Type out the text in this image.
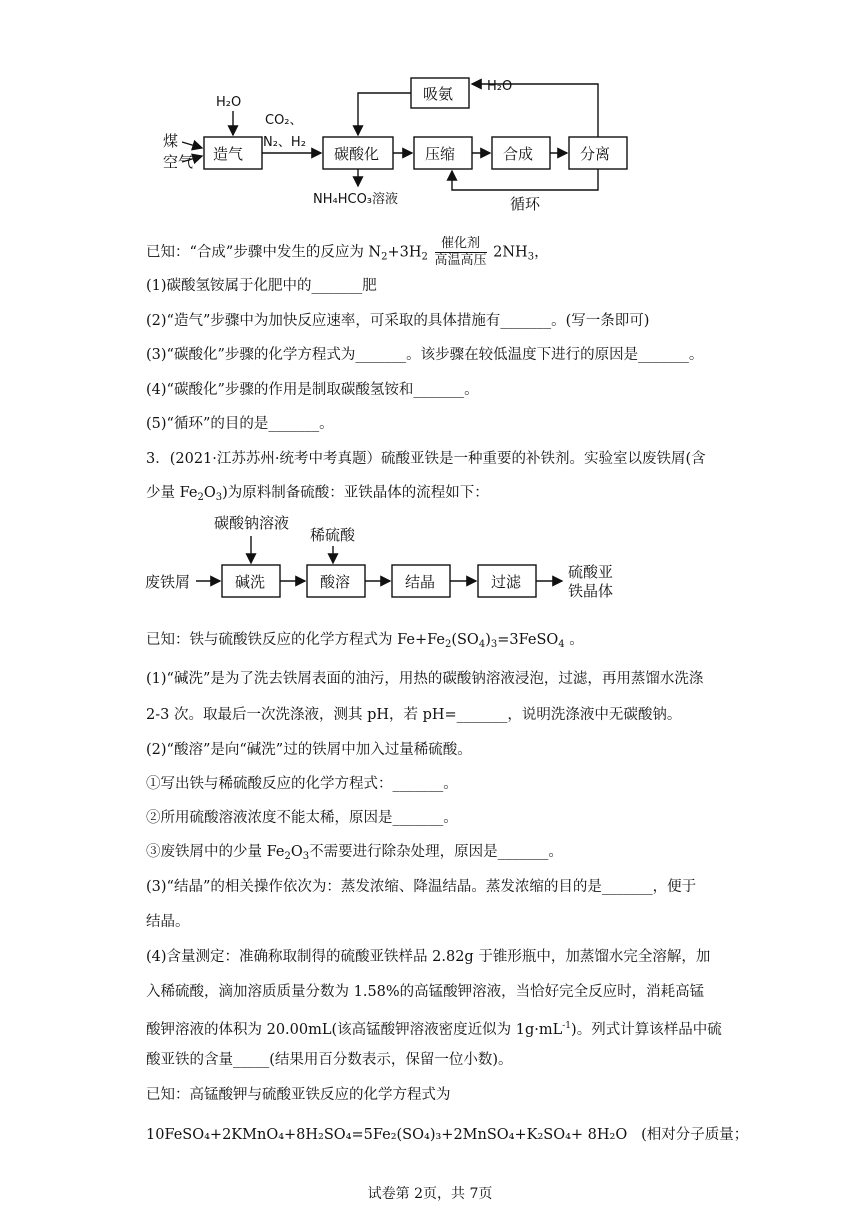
煤
空气
H₂O
CO₂、
N₂、H₂
造气	碳酸化	压缩	合成	分离
吸氨	H₂O
NH₄HCO₃溶液	循环
已知：“合成”步骤中发生的反应为 $N_2+3H_2 \frac{\text{催化剂}}{\text{高温高压}} 2NH_3$，
(1)碳酸氢铵属于化肥中的_______肥
(2)“造气”步骤中为加快反应速率，可采取的具体措施有_______。(写一条即可)
(3)“碳酸化”步骤的化学方程式为_______。该步骤在较低温度下进行的原因是_______。
(4)“碳酸化”步骤的作用是制取碳酸氢铵和_______。
(5)“循环”的目的是_______。
3．(2021·江苏苏州·统考中考真题）硫酸亚铁是一种重要的补铁剂。实验室以废铁屑(含
少量 $Fe_2O_3$)为原料制备硫酸：亚铁晶体的流程如下：
碳酸钠溶液
稀硫酸
废铁屑	碱洗	酸溶	结晶	过滤
硫酸亚
铁晶体
已知：铁与硫酸铁反应的化学方程式为 $Fe+Fe_2(SO_4)_3=3FeSO_4$ 。
(1)“碱洗”是为了洗去铁屑表面的油污，用热的碳酸钠溶液浸泡，过滤，再用蒸馏水洗涤
2-3 次。取最后一次洗涤液，测其 pH，若 pH=_______，说明洗涤液中无碳酸钠。
(2)“酸溶”是向“碱洗”过的铁屑中加入过量稀硫酸。
①写出铁与稀硫酸反应的化学方程式：_______。
②所用硫酸溶液浓度不能太稀，原因是_______。
③废铁屑中的少量 $Fe_2O_3$不需要进行除杂处理，原因是_______。
(3)“结晶”的相关操作依次为：蒸发浓缩、降温结晶。蒸发浓缩的目的是_______，便于
结晶。
(4)含量测定：准确称取制得的硫酸亚铁样品 2.82g 于锥形瓶中，加蒸馏水完全溶解，加
入稀硫酸，滴加溶质质量分数为 1.58%的高锰酸钾溶液，当恰好完全反应时，消耗高锰
酸钾溶液的体积为 20.00mL(该高锰酸钾溶液密度近似为 $1g\cdot mL^{-1}$)。列式计算该样品中硫
酸亚铁的含量_____(结果用百分数表示，保留一位小数)。
已知：高锰酸钾与硫酸亚铁反应的化学方程式为
10FeSO₄+2KMnO₄+8H₂SO₄=5Fe₂(SO₄)₃+2MnSO₄+K₂SO₄+ 8H₂O (相对分子质量；
试卷第 2页，共 7页
